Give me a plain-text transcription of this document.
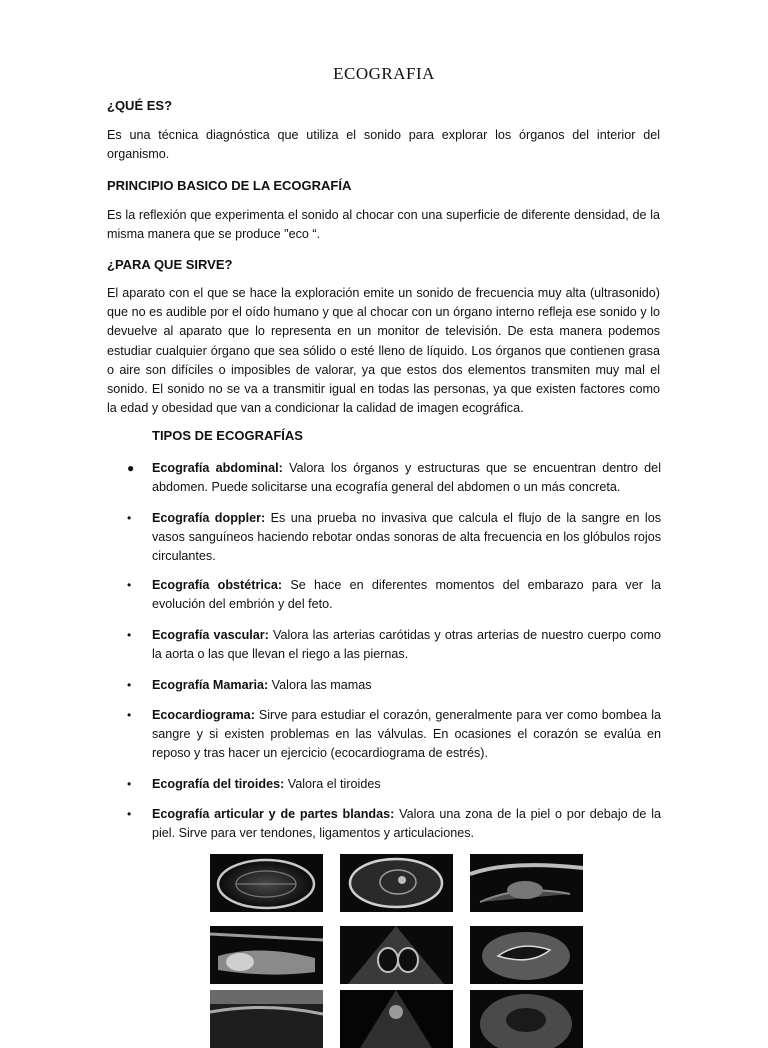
ECOGRAFIA
¿QUÉ ES?
Es una técnica diagnóstica que utiliza el sonido para explorar los órganos del interior del organismo.
PRINCIPIO BASICO DE LA ECOGRAFÍA
Es la reflexión que experimenta el sonido al chocar con una superficie de diferente densidad, de la misma manera que se produce "eco “.
¿PARA QUE SIRVE?
El aparato con el que se hace la exploración emite un sonido de frecuencia muy alta (ultrasonido) que no es audible por el oído humano y que al chocar con un órgano interno refleja ese sonido y lo devuelve al aparato que lo representa en un monitor de televisión. De esta manera podemos estudiar cualquier órgano que sea sólido o esté lleno de líquido. Los órganos que contienen grasa o aire son difíciles o imposibles de valorar, ya que estos dos elementos transmiten muy mal el sonido. El sonido no se va a transmitir igual en todas las personas, ya que existen factores como la edad y obesidad que van a condicionar la calidad de imagen ecográfica.
TIPOS DE ECOGRAFÍAS
● Ecografía abdominal: Valora los órganos y estructuras que se encuentran dentro del abdomen. Puede solicitarse una ecografía general del abdomen o un más concreta.
• Ecografía doppler: Es una prueba no invasiva que calcula el flujo de la sangre en los vasos sanguíneos haciendo rebotar ondas sonoras de alta frecuencia en los glóbulos rojos circulantes.
• Ecografía obstétrica: Se hace en diferentes momentos del embarazo para ver la evolución del embrión y del feto.
• Ecografía vascular: Valora las arterias carótidas y otras arterias de nuestro cuerpo como la aorta o las que llevan el riego a las piernas.
• Ecografía Mamaria: Valora las mamas
• Ecocardiograma: Sirve para estudiar el corazón, generalmente para ver como bombea la sangre y si existen problemas en las válvulas. En ocasiones el corazón se evalúa en reposo y tras hacer un ejercicio (ecocardiograma de estrés).
• Ecografía del tiroides: Valora el tiroides
• Ecografía articular y de partes blandas: Valora una zona de la piel o por debajo de la piel. Sirve para ver tendones, ligamentos y articulaciones.
